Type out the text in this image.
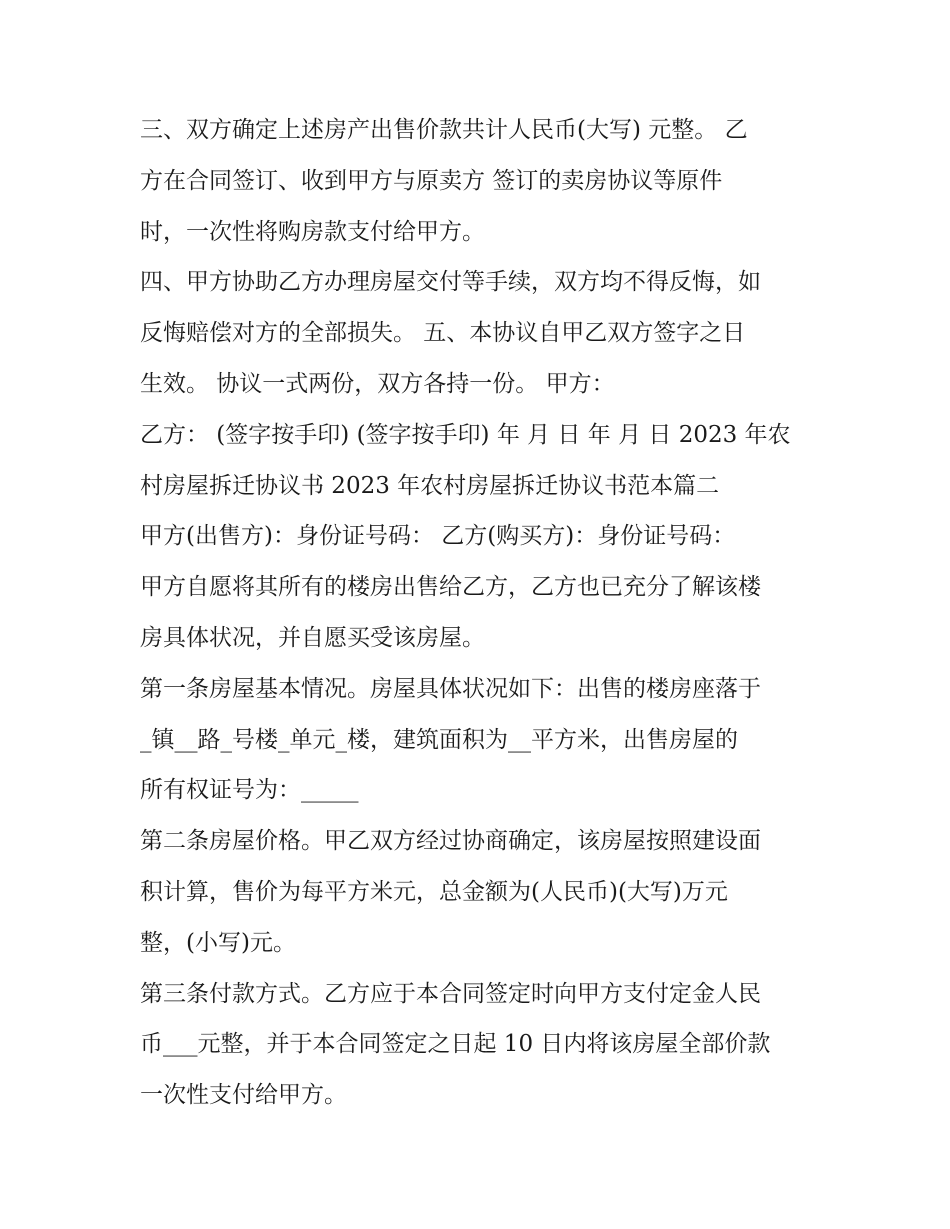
三、双方确定上述房产出售价款共计人民币(大写) 元整。 乙
方在合同签订、收到甲方与原卖方 签订的卖房协议等原件
时，一次性将购房款支付给甲方。
四、甲方协助乙方办理房屋交付等手续，双方均不得反悔，如
反悔赔偿对方的全部损失。 五、本协议自甲乙双方签字之日
生效。 协议一式两份，双方各持一份。 甲方：
乙方： (签字按手印) (签字按手印) 年 月 日 年 月 日 2023 年农
村房屋拆迁协议书 2023 年农村房屋拆迁协议书范本篇二
甲方(出售方)：身份证号码： 乙方(购买方)：身份证号码：
甲方自愿将其所有的楼房出售给乙方，乙方也已充分了解该楼
房具体状况，并自愿买受该房屋。
第一条房屋基本情况。房屋具体状况如下：出售的楼房座落于
_镇__路_号楼_单元_楼，建筑面积为__平方米，出售房屋的
所有权证号为：_____
第二条房屋价格。甲乙双方经过协商确定，该房屋按照建设面
积计算，售价为每平方米元，总金额为(人民币)(大写)万元
整，(小写)元。
第三条付款方式。乙方应于本合同签定时向甲方支付定金人民
币___元整，并于本合同签定之日起 10 日内将该房屋全部价款
一次性支付给甲方。
